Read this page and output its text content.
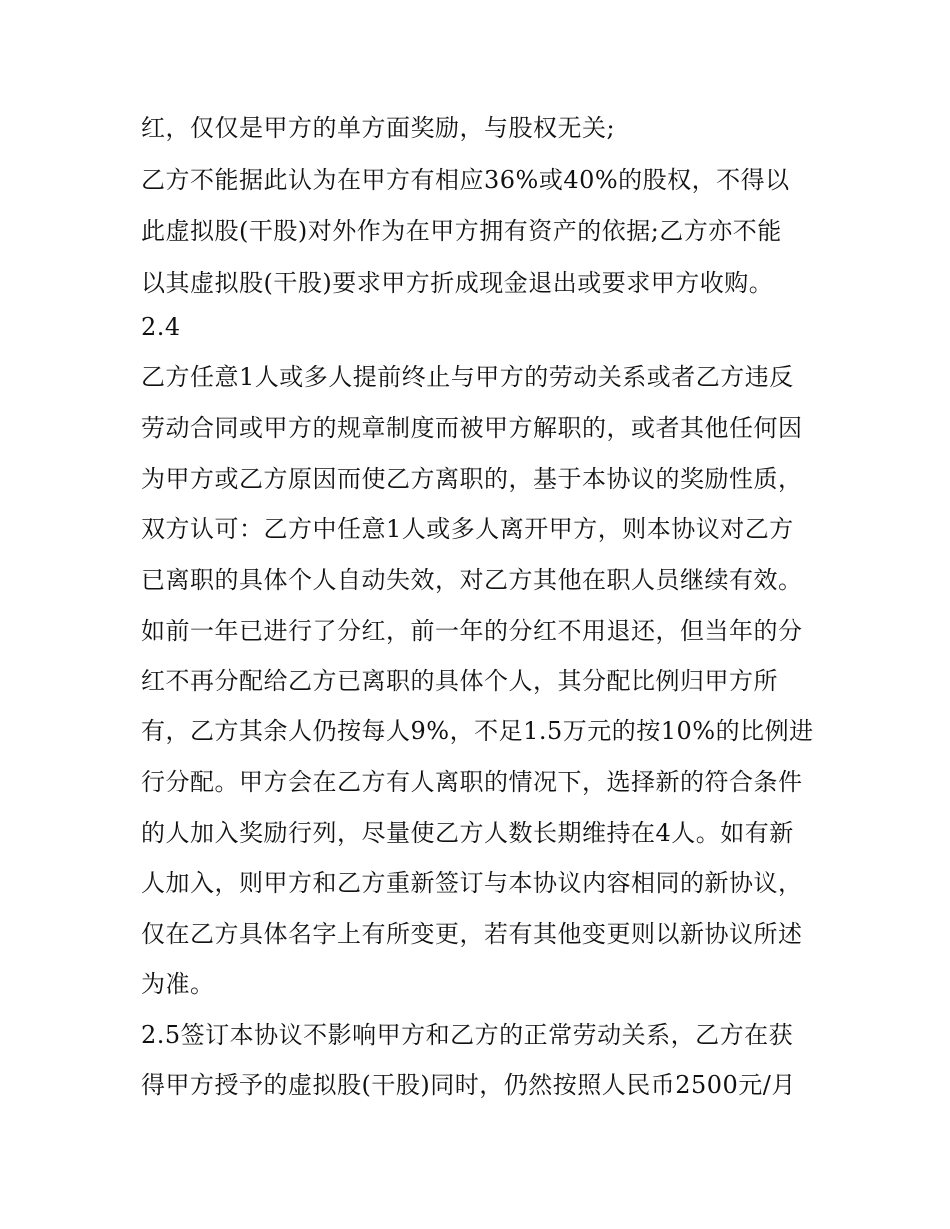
红，仅仅是甲方的单方面奖励，与股权无关;
乙方不能据此认为在甲方有相应36%或40%的股权，不得以
此虚拟股(干股)对外作为在甲方拥有资产的依据;乙方亦不能
以其虚拟股(干股)要求甲方折成现金退出或要求甲方收购。
2.4
乙方任意1人或多人提前终止与甲方的劳动关系或者乙方违反
劳动合同或甲方的规章制度而被甲方解职的，或者其他任何因
为甲方或乙方原因而使乙方离职的，基于本协议的奖励性质，
双方认可：乙方中任意1人或多人离开甲方，则本协议对乙方
已离职的具体个人自动失效，对乙方其他在职人员继续有效。
如前一年已进行了分红，前一年的分红不用退还，但当年的分
红不再分配给乙方已离职的具体个人，其分配比例归甲方所
有，乙方其余人仍按每人9%，不足1.5万元的按10%的比例进
行分配。甲方会在乙方有人离职的情况下，选择新的符合条件
的人加入奖励行列，尽量使乙方人数长期维持在4人。如有新
人加入，则甲方和乙方重新签订与本协议内容相同的新协议，
仅在乙方具体名字上有所变更，若有其他变更则以新协议所述
为准。
2.5签订本协议不影响甲方和乙方的正常劳动关系，乙方在获
得甲方授予的虚拟股(干股)同时，仍然按照人民币2500元/月
